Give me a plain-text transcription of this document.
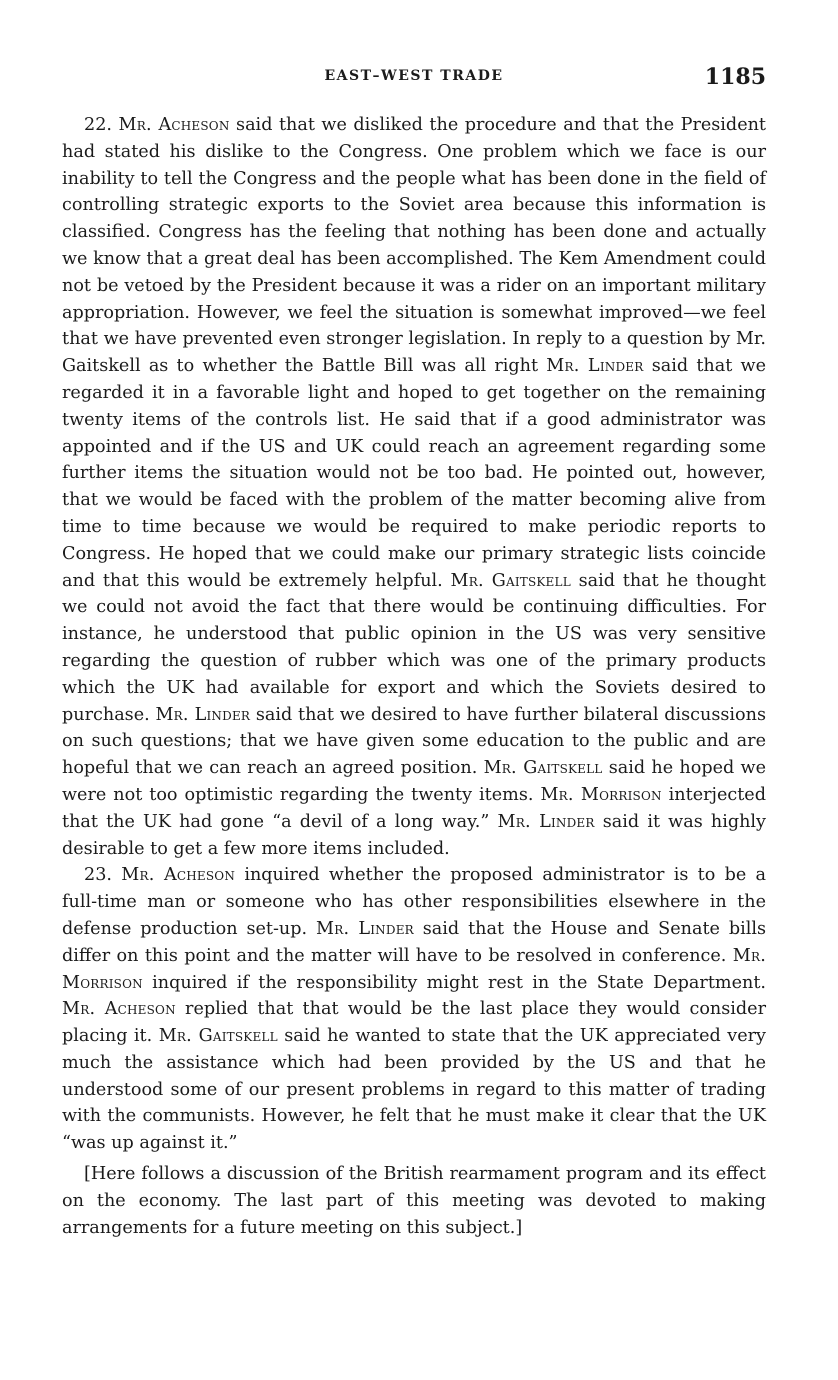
EAST–WEST TRADE	1185

22. Mr. Acheson said that we disliked the procedure and that the President had stated his dislike to the Congress. One problem which we face is our inability to tell the Congress and the people what has been done in the field of controlling strategic exports to the Soviet area because this information is classified. Congress has the feeling that nothing has been done and actually we know that a great deal has been accomplished. The Kem Amendment could not be vetoed by the President because it was a rider on an important military appropriation. However, we feel the situation is somewhat improved—we feel that we have prevented even stronger legislation. In reply to a question by Mr. Gaitskell as to whether the Battle Bill was all right Mr. Linder said that we regarded it in a favorable light and hoped to get together on the remaining twenty items of the controls list. He said that if a good administrator was appointed and if the US and UK could reach an agreement regarding some further items the situation would not be too bad. He pointed out, however, that we would be faced with the problem of the matter becoming alive from time to time because we would be required to make periodic reports to Congress. He hoped that we could make our primary strategic lists coincide and that this would be extremely helpful. Mr. Gaitskell said that he thought we could not avoid the fact that there would be continuing difficulties. For instance, he understood that public opinion in the US was very sensitive regarding the question of rubber which was one of the primary products which the UK had available for export and which the Soviets desired to purchase. Mr. Linder said that we desired to have further bilateral discussions on such questions; that we have given some education to the public and are hopeful that we can reach an agreed position. Mr. Gaitskell said he hoped we were not too optimistic regarding the twenty items. Mr. Morrison interjected that the UK had gone “a devil of a long way.” Mr. Linder said it was highly desirable to get a few more items included.

23. Mr. Acheson inquired whether the proposed administrator is to be a full-time man or someone who has other responsibilities elsewhere in the defense production set-up. Mr. Linder said that the House and Senate bills differ on this point and the matter will have to be resolved in conference. Mr. Morrison inquired if the responsibility might rest in the State Department. Mr. Acheson replied that that would be the last place they would consider placing it. Mr. Gaitskell said he wanted to state that the UK appreciated very much the assistance which had been provided by the US and that he understood some of our present problems in regard to this matter of trading with the communists. However, he felt that he must make it clear that the UK “was up against it.”

[Here follows a discussion of the British rearmament program and its effect on the economy. The last part of this meeting was devoted to making arrangements for a future meeting on this subject.]
